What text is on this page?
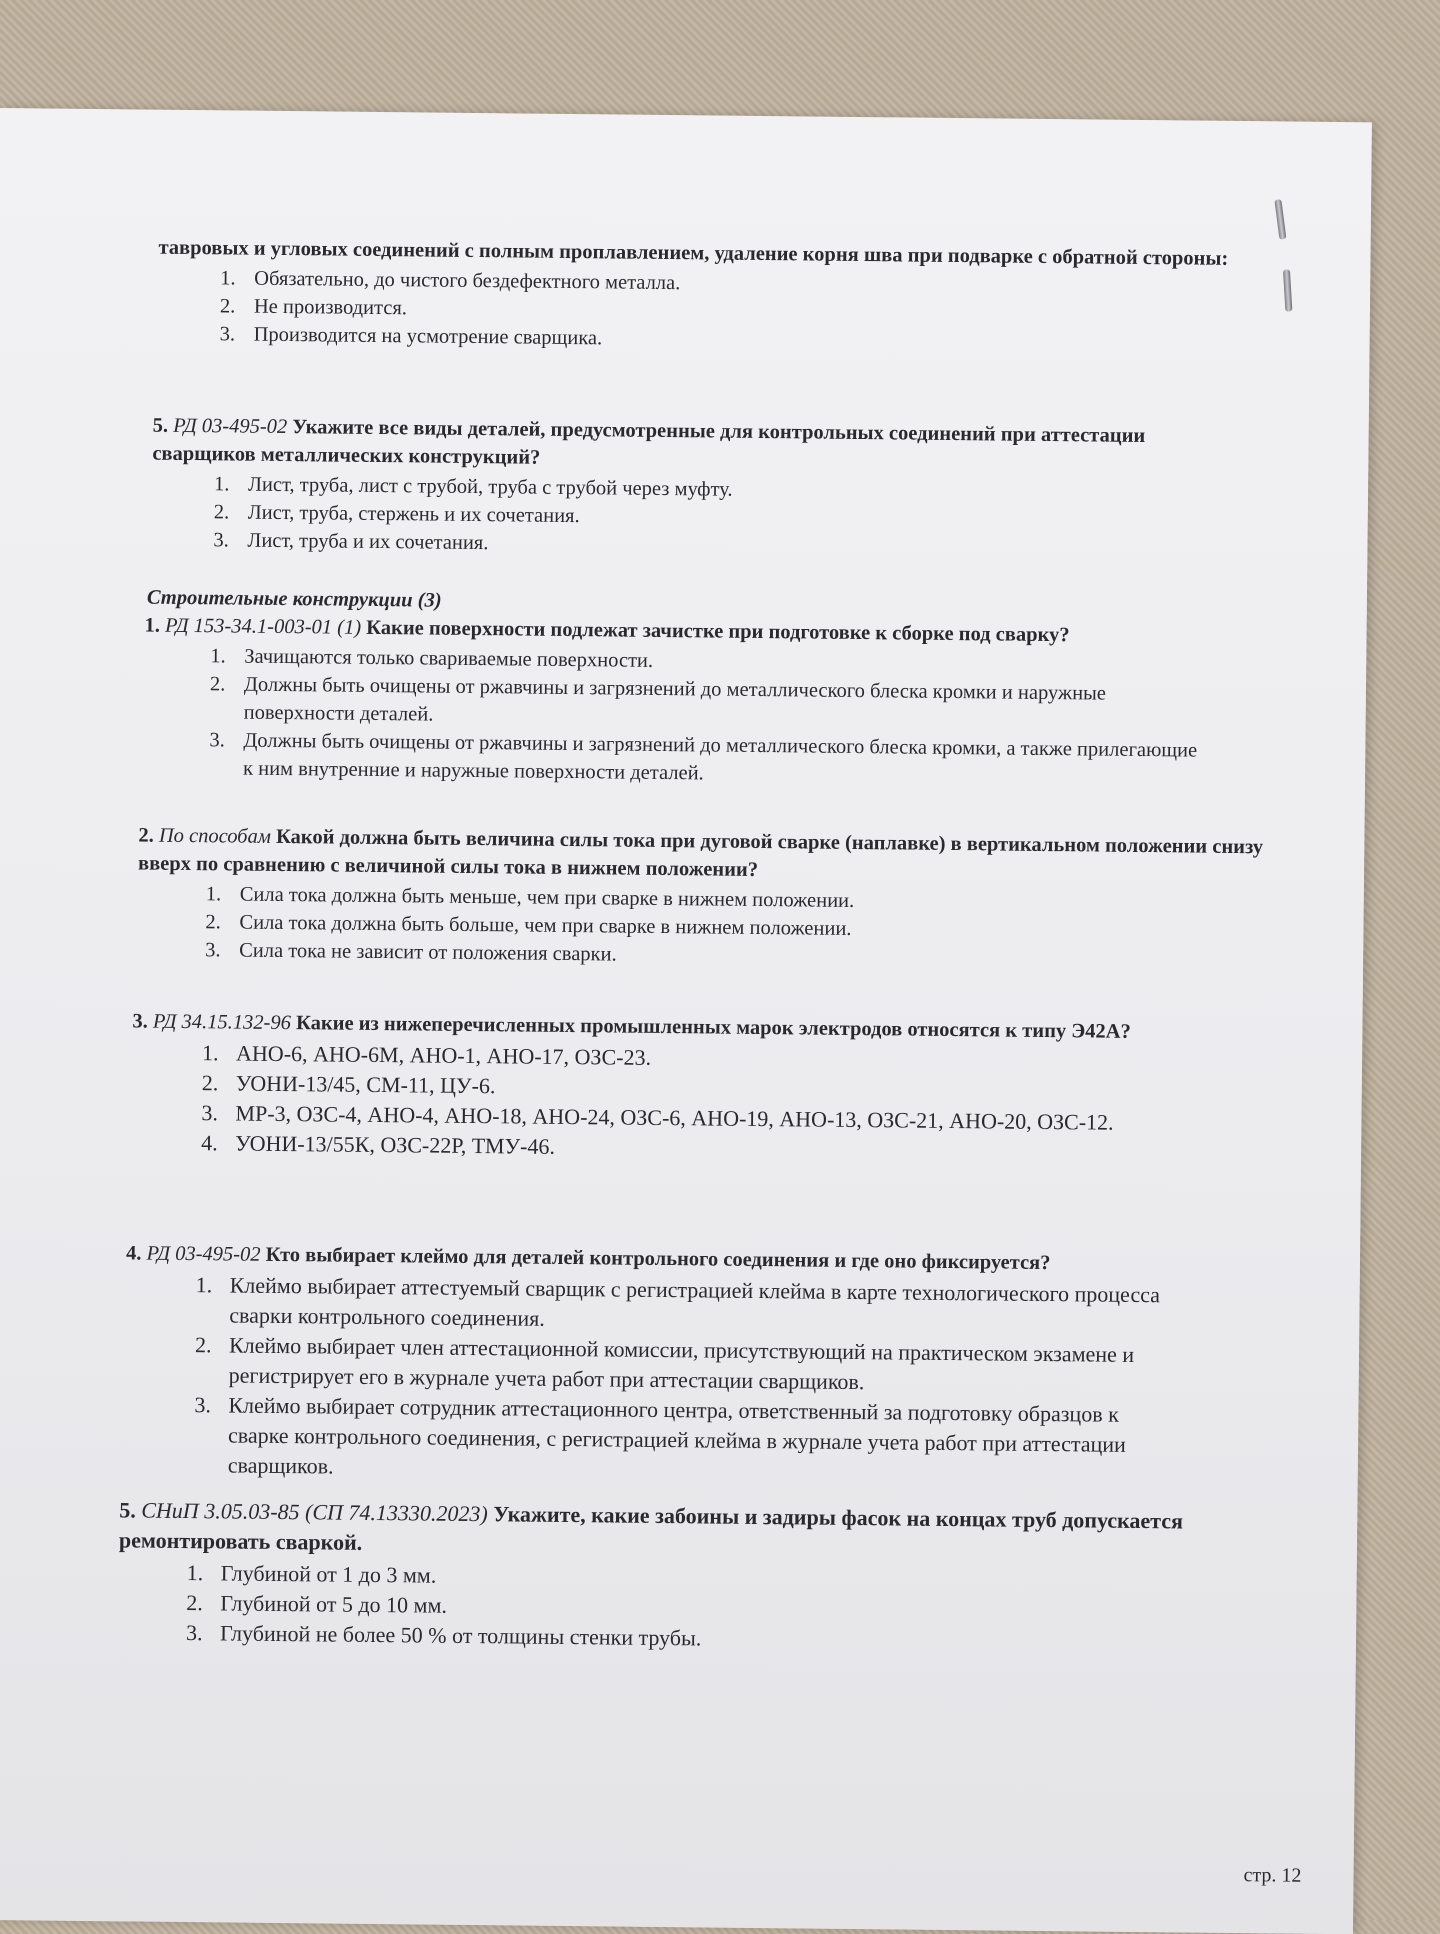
тавровых и угловых соединений с полным проплавлением, удаление корня шва при подварке с обратной стороны:
1. Обязательно, до чистого бездефектного металла.
2. Не производится.
3. Производится на усмотрение сварщика.
5. РД 03-495-02 Укажите все виды деталей, предусмотренные для контрольных соединений при аттестации сварщиков металлических конструкций?
1. Лист, труба, лист с трубой, труба с трубой через муфту.
2. Лист, труба, стержень и их сочетания.
3. Лист, труба и их сочетания.
Строительные конструкции (3)
1. РД 153-34.1-003-01 (1) Какие поверхности подлежат зачистке при подготовке к сборке под сварку?
1. Зачищаются только свариваемые поверхности.
2. Должны быть очищены от ржавчины и загрязнений до металлического блеска кромки и наружные поверхности деталей.
3. Должны быть очищены от ржавчины и загрязнений до металлического блеска кромки, а также прилегающие к ним внутренние и наружные поверхности деталей.
2. По способам Какой должна быть величина силы тока при дуговой сварке (наплавке) в вертикальном положении снизу вверх по сравнению с величиной силы тока в нижнем положении?
1. Сила тока должна быть меньше, чем при сварке в нижнем положении.
2. Сила тока должна быть больше, чем при сварке в нижнем положении.
3. Сила тока не зависит от положения сварки.
3. РД 34.15.132-96 Какие из нижеперечисленных промышленных марок электродов относятся к типу Э42А?
1. АНО-6, АНО-6М, АНО-1, АНО-17, ОЗС-23.
2. УОНИ-13/45, СМ-11, ЦУ-6.
3. МР-3, ОЗС-4, АНО-4, АНО-18, АНО-24, ОЗС-6, АНО-19, АНО-13, ОЗС-21, АНО-20, ОЗС-12.
4. УОНИ-13/55К, ОЗС-22Р, ТМУ-46.
4. РД 03-495-02 Кто выбирает клеймо для деталей контрольного соединения и где оно фиксируется?
1. Клеймо выбирает аттестуемый сварщик с регистрацией клейма в карте технологического процесса сварки контрольного соединения.
2. Клеймо выбирает член аттестационной комиссии, присутствующий на практическом экзамене и регистрирует его в журнале учета работ при аттестации сварщиков.
3. Клеймо выбирает сотрудник аттестационного центра, ответственный за подготовку образцов к сварке контрольного соединения, с регистрацией клейма в журнале учета работ при аттестации сварщиков.
5. СНиП 3.05.03-85 (СП 74.13330.2023) Укажите, какие забоины и задиры фасок на концах труб допускается ремонтировать сваркой.
1. Глубиной от 1 до 3 мм.
2. Глубиной от 5 до 10 мм.
3. Глубиной не более 50 % от толщины стенки трубы.
стр. 12
